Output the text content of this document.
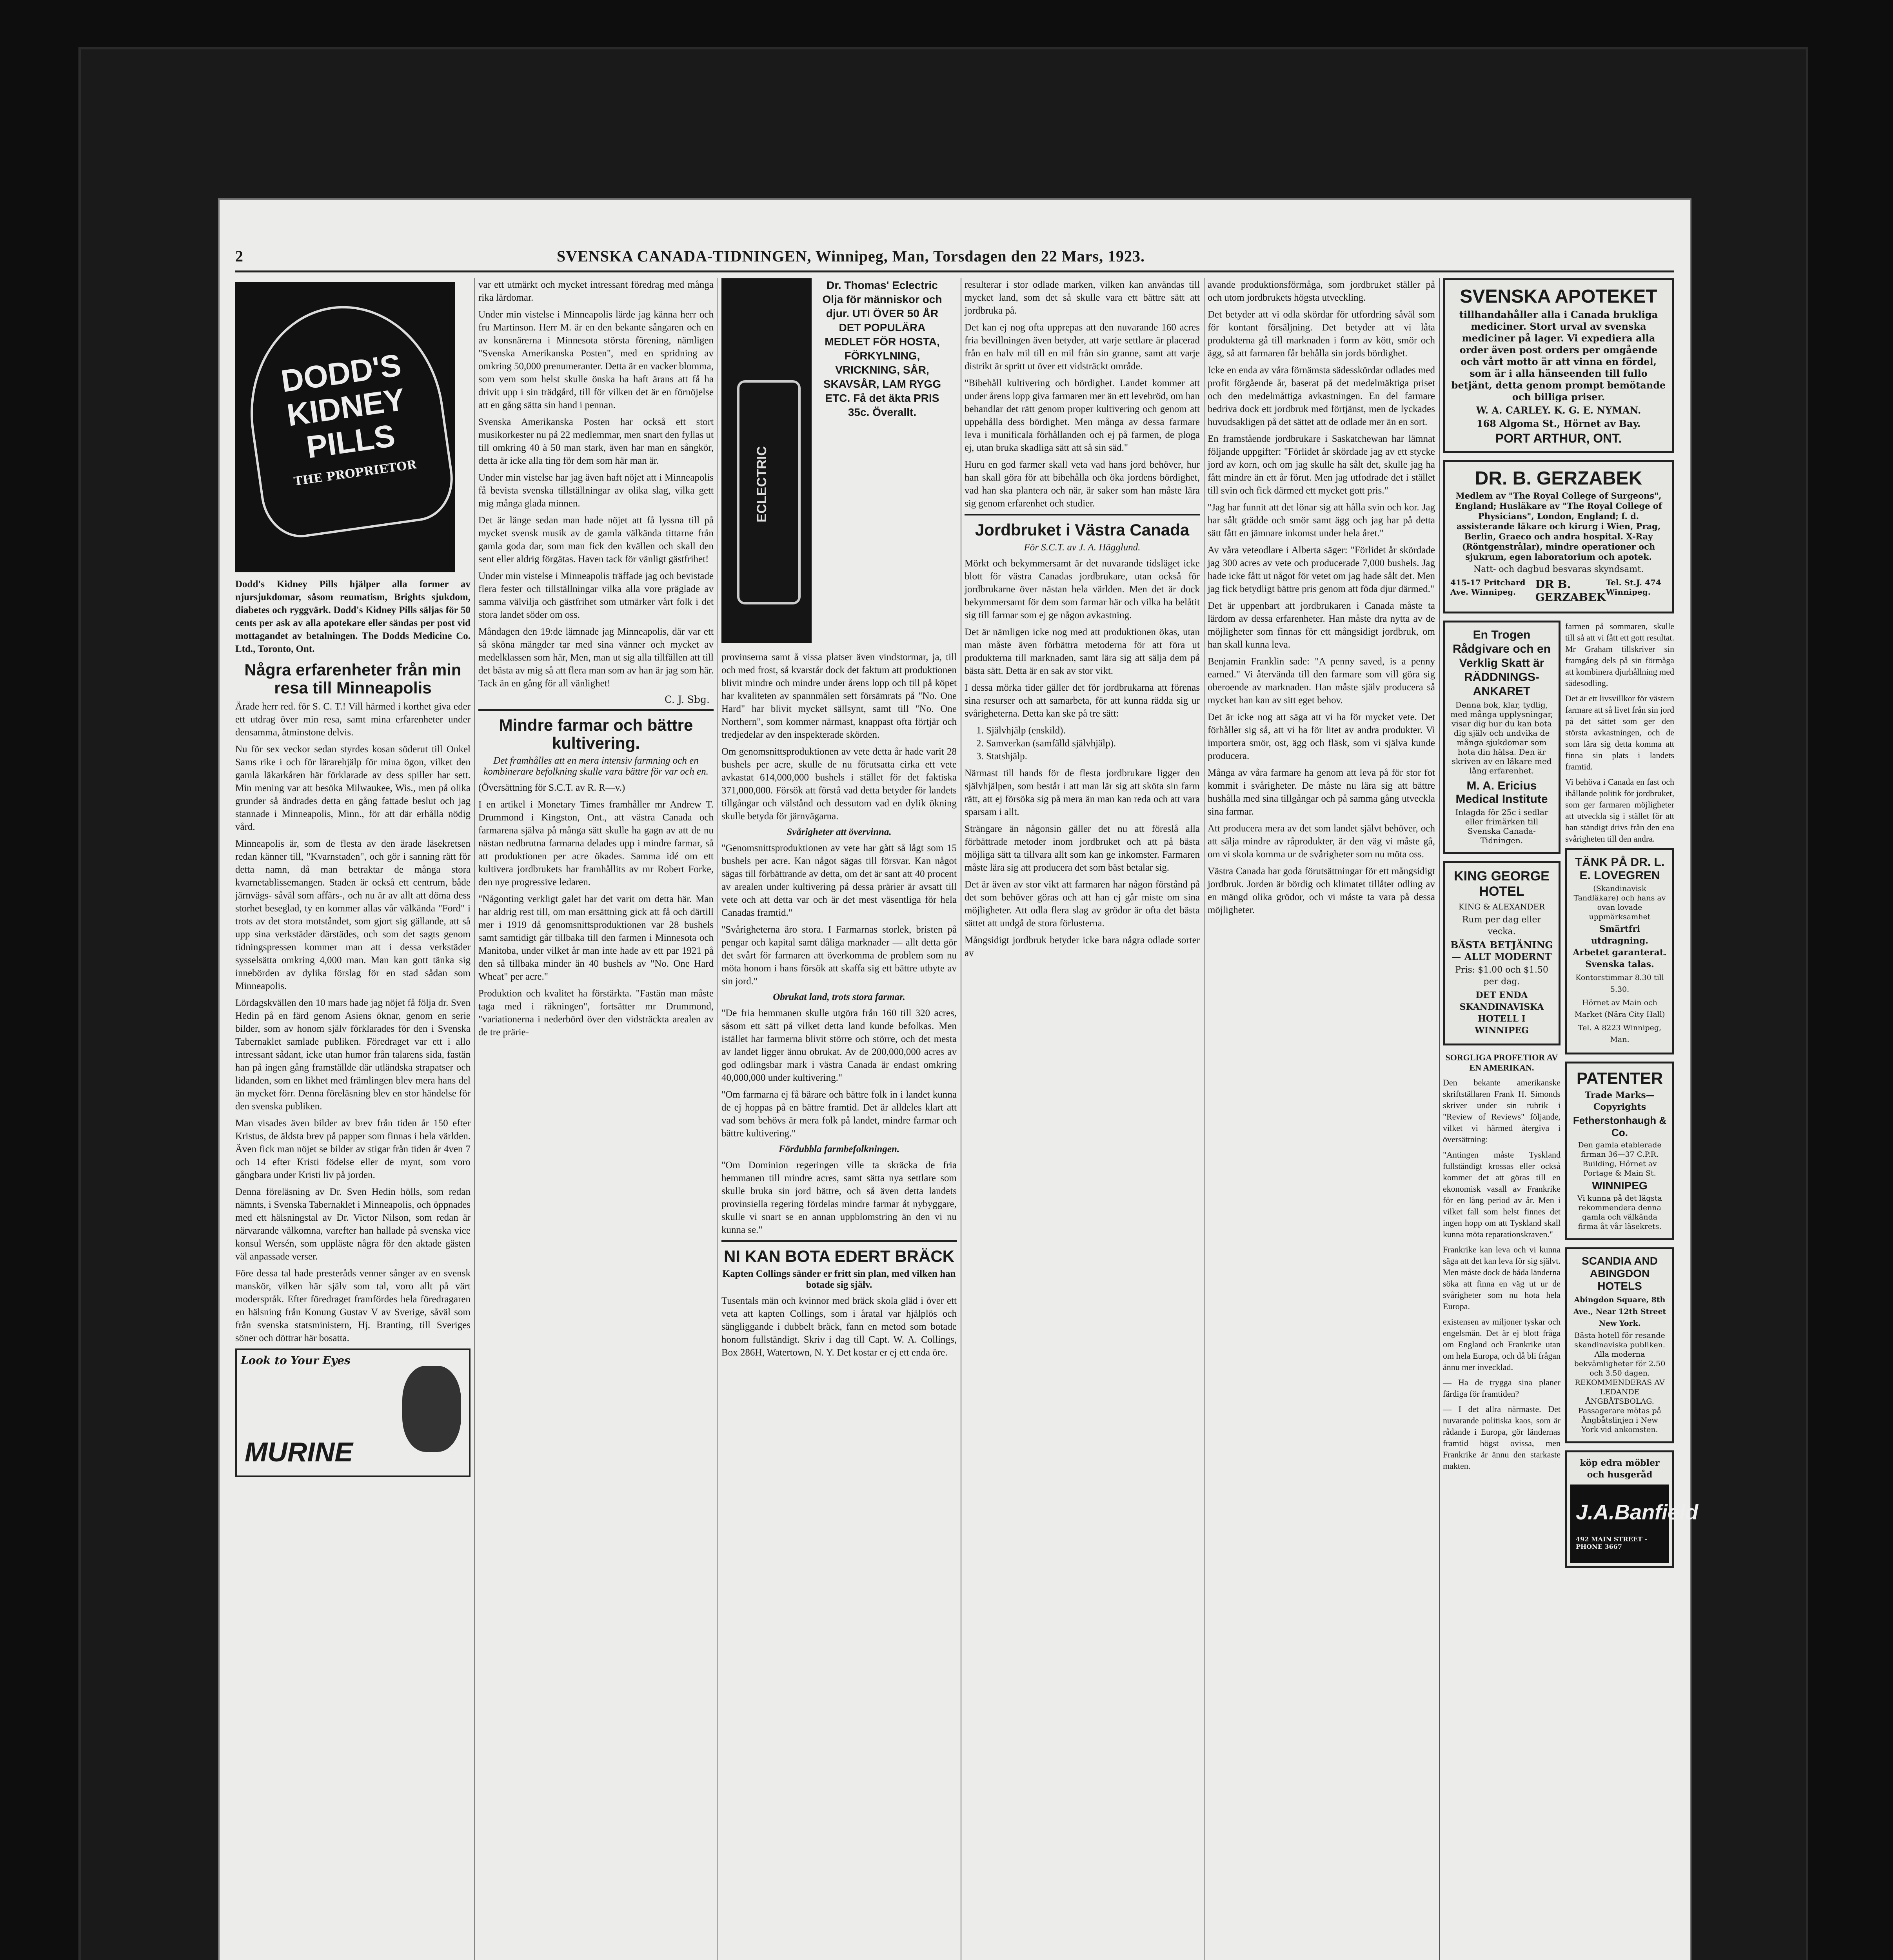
2	SVENSKA CANADA-TIDNINGEN, Winnipeg, Man, Torsdagen den 22 Mars, 1923.
DODD'S KIDNEY PILLS
THE PROPRIETOR

Dodd's Kidney Pills hjälper alla former av njursjukdomar, såsom reumatism, Brights sjukdom, diabetes och ryggvärk. Dodd's Kidney Pills säljas för 50 cents per ask av alla apotekare eller sändas per post vid mottagandet av betalningen. The Dodds Medicine Co. Ltd., Toronto, Ont.

Några erfarenheter från min resa till Minneapolis

Ärade herr red. för S. C. T.! Vill härmed i korthet giva eder ett utdrag över min resa, samt mina erfarenheter under densamma, åtminstone delvis.

Nu för sex veckor sedan styrdes kosan söderut till Onkel Sams rike i och för lärarehjälp för mina ögon, vilket den gamla läkarkåren här förklarade av dess spiller har sett. Min mening var att besöka Milwaukee, Wis., men på olika grunder så ändrades detta en gång fattade beslut och jag stannade i Minneapolis, Minn., för att där erhålla nödig vård.

Minneapolis är, som de flesta av den ärade läsekretsen redan känner till, "Kvarnstaden", och gör i sanning rätt för detta namn, då man betraktar de många stora kvarnetablissemangen. Staden är också ett centrum, både järnvägs- såväl som affärs-, och nu är av allt att döma dess storhet beseglad, ty en kommer allas vår välkända "Ford" i trots av det stora motståndet, som gjort sig gällande, att så upp sina verkstäder därstädes, och som det sagts genom tidningspressen kommer man att i dessa verkstäder sysselsätta omkring 4,000 man. Man kan gott tänka sig innebörden av dylika förslag för en stad sådan som Minneapolis.

Lördagskvällen den 10 mars hade jag nöjet få följa dr. Sven Hedin på en färd genom Asiens öknar, genom en serie bilder, som av honom själv förklarades för den i Svenska Tabernaklet samlade publiken. Föredraget var ett i allo intressant sådant, icke utan humor från talarens sida, fastän han på ingen gång framställde där utländska strapatser och lidanden, som en likhet med främlingen blev mera hans del än mycket förr. Denna föreläsning blev en stor händelse för den svenska publiken.

Man visades även bilder av brev från tiden år 150 efter Kristus, de äldsta brev på papper som finnas i hela världen. Även fick man nöjet se bilder av stigar från tiden år 4ven 7 och 14 efter Kristi födelse eller de mynt, som voro gångbara under Kristi liv på jorden.

Denna föreläsning av Dr. Sven Hedin hölls, som redan nämnts, i Svenska Tabernaklet i Minneapolis, och öppnades med ett hälsningstal av Dr. Victor Nilson, som redan är närvarande välkomna, varefter han hallade på svenska vice konsul Wersén, som uppläste några för den aktade gästen väl anpassade verser.

Före dessa tal hade presteråds venner sånger av en svensk manskör, vilken här själv som tal, voro allt på värt moderspråk. Efter föredraget framfördes hela föredragaren en hälsning från Konung Gustav V av Sverige, såväl som från svenska statsministern, Hj. Branting, till Sveriges söner och döttrar här bosatta.

Look to Your Eyes
MURINE

var ett utmärkt och mycket intressant föredrag med många rika lärdomar.

Under min vistelse i Minneapolis lärde jag känna herr och fru Martinson. Herr M. är en den bekante sångaren och en av konsnärerna i Minnesota största förening, nämligen "Svenska Amerikanska Posten", med en spridning av omkring 50,000 prenumeranter. Detta är en vacker blomma, som vem som helst skulle önska ha haft ärans att få ha drivit upp i sin trädgård, till för vilken det är en förnöjelse att en gång sätta sin hand i pennan.

Svenska Amerikanska Posten har också ett stort musikorkester nu på 22 medlemmar, men snart den fyllas ut till omkring 40 à 50 man stark, även har man en sångkör, detta är icke alla ting för dem som här man är.

Under min vistelse har jag även haft nöjet att i Minneapolis få bevista svenska tillställningar av olika slag, vilka gett mig många glada minnen.

Det är länge sedan man hade nöjet att få lyssna till på mycket svensk musik av de gamla välkända tittarne från gamla goda dar, som man fick den kvällen och skall den sent eller aldrig förgätas. Haven tack för vänligt gästfrihet!

Under min vistelse i Minneapolis träffade jag och bevistade flera fester och tillställningar vilka alla vore präglade av samma välvilja och gästfrihet som utmärker vårt folk i det stora landet söder om oss.

Måndagen den 19:de lämnade jag Minneapolis, där var ett så sköna mängder tar med sina vänner och mycket av medelklassen som här, Men, man ut sig alla tillfällen att till det bästa av mig så att flera man som av han är jag som här. Tack än en gång för all vänlighet!

C. J. Sbg.
Mindre farmar och bättre kultivering.

Det framhålles att en mera intensiv farmning och en kombinerare befolkning skulle vara bättre för var och en.

(Översättning för S.C.T. av R. R—v.)

I en artikel i Monetary Times framhåller mr Andrew T. Drummond i Kingston, Ont., att västra Canada och farmarena själva på många sätt skulle ha gagn av att de nu nästan nedbrutna farmarna delades upp i mindre farmar, så att produktionen per acre ökades. Samma idé om ett kultivera jordbrukets har framhållits av mr Robert Forke, den nye progressive ledaren.

"Någonting verkligt galet har det varit om detta här. Man har aldrig rest till, om man ersättning gick att få och därtill mer i 1919 då genomsnittsproduktionen var 28 bushels samt samtidigt går tillbaka till den farmen i Minnesota och Manitoba, under vilket år man inte hade av ett par 1921 på den så tillbaka minder än 40 bushels av "No. One Hard Wheat" per acre."

Produktion och kvalitet ha förstärkta. "Fastän man måste taga med i räkningen", fortsätter mr Drummond, "variationerna i nederbörd över den vidsträckta arealen av de tre prärie-

ECLECTRIC
Dr. Thomas' Eclectric Olja för människor och djur. UTI ÖVER 50 ÅR DET POPULÄRA MEDLET FÖR HOSTA, FÖRKYLNING, VRICKNING, SÅR, SKAVSÅR, LAM RYGG ETC. Få det äkta PRIS 35c. Överallt.

provinserna samt å vissa platser även vindstormar, ja, till och med frost, så kvarstår dock det faktum att produktionen blivit mindre och mindre under årens lopp och till på köpet har kvaliteten av spannmålen sett försämrats på "No. One Hard" har blivit mycket sällsynt, samt till "No. One Northern", som kommer närmast, knappast ofta förtjär och tredjedelar av den inspekterade skörden.

Om genomsnittsproduktionen av vete detta år hade varit 28 bushels per acre, skulle de nu förutsatta cirka ett vete avkastat 614,000,000 bushels i stället för det faktiska 371,000,000. Försök att förstå vad detta betyder för landets tillgångar och välstånd och dessutom vad en dylik ökning skulle betyda för järnvägarna.

Svårigheter att övervinna.

"Genomsnittsproduktionen av vete har gått så lågt som 15 bushels per acre. Kan något sägas till försvar. Kan något sägas till förbättrande av detta, om det är sant att 40 procent av arealen under kultivering på dessa prärier är avsatt till vete och att detta var och är det mest väsentliga för hela Canadas framtid."

"Svårigheterna äro stora. I Farmarnas storlek, bristen på pengar och kapital samt dåliga marknader — allt detta gör det svårt för farmaren att överkomma de problem som nu möta honom i hans försök att skaffa sig ett bättre utbyte av sin jord."

Obrukat land, trots stora farmar.

"De fria hemmanen skulle utgöra från 160 till 320 acres, såsom ett sätt på vilket detta land kunde befolkas. Men istället har farmerna blivit större och större, och det mesta av landet ligger ännu obrukat. Av de 200,000,000 acres av god odlingsbar mark i västra Canada är endast omkring 40,000,000 under kultivering."

"Om farmarna ej få bärare och bättre folk in i landet kunna de ej hoppas på en bättre framtid. Det är alldeles klart att vad som behövs är mera folk på landet, mindre farmar och bättre kultivering."

Fördubbla farmbefolkningen.

"Om Dominion regeringen ville ta skräcka de fria hemmanen till mindre acres, samt sätta nya settlare som skulle bruka sin jord bättre, och så även detta landets provinsiella regering fördelas mindre farmar åt nybyggare, skulle vi snart se en annan uppblomstring än den vi nu kunna se."

NI KAN BOTA EDERT BRÄCK

Kapten Collings sänder er fritt sin plan, med vilken han botade sig själv.

Tusentals män och kvinnor med bräck skola gläd i över ett veta att kapten Collings, som i åratal var hjälplös och sängliggande i dubbelt bräck, fann en metod som botade honom fullständigt. Skriv i dag till Capt. W. A. Collings, Box 286H, Watertown, N. Y. Det kostar er ej ett enda öre.

resulterar i stor odlade marken, vilken kan användas till mycket land, som det så skulle vara ett bättre sätt att jordbruka på.

Det kan ej nog ofta upprepas att den nuvarande 160 acres fria bevillningen även betyder, att varje settlare är placerad från en halv mil till en mil från sin granne, samt att varje distrikt är spritt ut över ett vidsträckt område.

"Bibehåll kultivering och bördighet. Landet kommer att under årens lopp giva farmaren mer än ett levebröd, om han behandlar det rätt genom proper kultivering och genom att uppehålla dess bördighet. Men många av dessa farmare leva i munificala förhållanden och ej på farmen, de ploga ej, utan bruka skadliga sätt att så sin säd."

Huru en god farmer skall veta vad hans jord behöver, hur han skall göra för att bibehålla och öka jordens bördighet, vad han ska plantera och när, är saker som han måste lära sig genom erfarenhet och studier.

Jordbruket i Västra Canada

För S.C.T. av J. A. Hägglund.

Mörkt och bekymmersamt är det nuvarande tidsläget icke blott för västra Canadas jordbrukare, utan också för jordbrukarne över nästan hela världen. Men det är dock bekymmersamt för dem som farmar här och vilka ha belåtit sig till farmar som ej ge någon avkastning.

Det är nämligen icke nog med att produktionen ökas, utan man måste även förbättra metoderna för att föra ut produkterna till marknaden, samt lära sig att sälja dem på bästa sätt. Detta är en sak av stor vikt.

I dessa mörka tider gäller det för jordbrukarna att förenas sina resurser och att samarbeta, för att kunna rädda sig ur svårigheterna. Detta kan ske på tre sätt:

1. Självhjälp (enskild).

2. Samverkan (samfälld självhjälp).

3. Statshjälp.

Närmast till hands för de flesta jordbrukare ligger den självhjälpen, som består i att man lär sig att sköta sin farm rätt, att ej försöka sig på mera än man kan reda och att vara sparsam i allt.

Strängare än någonsin gäller det nu att föreslå alla förbättrade metoder inom jordbruket och att på bästa möjliga sätt ta tillvara allt som kan ge inkomster. Farmaren måste lära sig att producera det som bäst betalar sig.

Det är även av stor vikt att farmaren har någon förstånd på det som behöver göras och att han ej går miste om sina möjligheter. Att odla flera slag av grödor är ofta det bästa sättet att undgå de stora förlusterna.

Mångsidigt jordbruk betyder icke bara några odlade sorter av

avande produktionsförmåga, som jordbruket ställer på och utom jordbrukets högsta utveckling.

Det betyder att vi odla skördar för utfordring såväl som för kontant försäljning. Det betyder att vi låta produkterna gå till marknaden i form av kött, smör och ägg, så att farmaren får behålla sin jords bördighet.

Icke en enda av våra förnämsta sädesskördar odlades med profit förgående år, baserat på det medelmäktiga priset och den medelmåttiga avkastningen. En del farmare bedriva dock ett jordbruk med förtjänst, men de lyckades huvudsakligen på det sättet att de odlade mer än en sort.

En framstående jordbrukare i Saskatchewan har lämnat följande uppgifter: "Förlidet år skördade jag av ett stycke jord av korn, och om jag skulle ha sålt det, skulle jag ha fått mindre än ett år förut. Men jag utfodrade det i stället till svin och fick därmed ett mycket gott pris."

"Jag har funnit att det lönar sig att hålla svin och kor. Jag har sålt grädde och smör samt ägg och jag har på detta sätt fått en jämnare inkomst under hela året."

Av våra veteodlare i Alberta säger: "Förlidet år skördade jag 300 acres av vete och producerade 7,000 bushels. Jag hade icke fått ut något för vetet om jag hade sålt det. Men jag fick betydligt bättre pris genom att föda djur därmed."

Det är uppenbart att jordbrukaren i Canada måste ta lärdom av dessa erfarenheter. Han måste dra nytta av de möjligheter som finnas för ett mångsidigt jordbruk, om han skall kunna leva.

Benjamin Franklin sade: "A penny saved, is a penny earned." Vi återvända till den farmare som vill göra sig oberoende av marknaden. Han måste själv producera så mycket han kan av sitt eget behov.

Det är icke nog att säga att vi ha för mycket vete. Det förhåller sig så, att vi ha för litet av andra produkter. Vi importera smör, ost, ägg och fläsk, som vi själva kunde producera.

Många av våra farmare ha genom att leva på för stor fot kommit i svårigheter. De måste nu lära sig att bättre hushålla med sina tillgångar och på samma gång utveckla sina farmar.

Att producera mera av det som landet självt behöver, och att sälja mindre av råprodukter, är den väg vi måste gå, om vi skola komma ur de svårigheter som nu möta oss.

Västra Canada har goda förutsättningar för ett mångsidigt jordbruk. Jorden är bördig och klimatet tillåter odling av en mängd olika grödor, och vi måste ta vara på dessa möjligheter.

SVENSKA APOTEKET
tillhandahåller alla i Canada brukliga mediciner. Stort urval av svenska mediciner på lager. Vi expediera alla order även post orders per omgående och vårt motto är att vinna en fördel, som är i alla hänseenden till fullo betjänt, detta genom prompt bemötande och billiga priser.
W. A. CARLEY. K. G. E. NYMAN.
168 Algoma St., Hörnet av Bay.
PORT ARTHUR, ONT.
DR. B. GERZABEK
Medlem av "The Royal College of Surgeons", England; Husläkare av "The Royal College of Physicians", London, England; f. d. assisterande läkare och kirurg i Wien, Prag, Berlin, Graeco och andra hospital. X-Ray (Röntgenstrålar), mindre operationer och sjukrum, egen laboratorium och apotek.
Natt- och dagbud besvaras skyndsamt.
415-17 Pritchard Ave. Winnipeg.
DR B. GERZABEK
Tel. St.J. 474 Winnipeg.
En Trogen Rådgivare och en Verklig Skatt är RÄDDNINGS-ANKARET
Denna bok, klar, tydlig, med många upplysningar, visar dig hur du kan bota dig själv och undvika de många sjukdomar som hota din hälsa. Den är skriven av en läkare med lång erfarenhet.
M. A. Ericius Medical Institute
Inlagda för 25c i sedlar eller frimärken till Svenska Canada-Tidningen.
KING GEORGE HOTEL
KING & ALEXANDER
Rum per dag eller vecka.
BÄSTA BETJÄNING — ALLT MODERNT
Pris: $1.00 och $1.50 per dag.
DET ENDA SKANDINAVISKA HOTELL I WINNIPEG

SORGLIGA PROFETIOR AV EN AMERIKAN.

Den bekante amerikanske skriftställaren Frank H. Simonds skriver under sin rubrik i "Review of Reviews" följande, vilket vi härmed återgiva i översättning:

"Antingen måste Tyskland fullständigt krossas eller också kommer det att göras till en ekonomisk vasall av Frankrike för en lång period av år. Men i vilket fall som helst finnes det ingen hopp om att Tyskland skall kunna möta reparationskraven."

Frankrike kan leva och vi kunna säga att det kan leva för sig självt. Men måste dock de båda länderna söka att finna en väg ut ur de svårigheter som nu hota hela Europa.

existensen av miljoner tyskar och engelsmän. Det är ej blott fråga om England och Frankrike utan om hela Europa, och då bli frågan ännu mer invecklad.

— Ha de trygga sina planer färdiga för framtiden?

— I det allra närmaste. Det nuvarande politiska kaos, som är rådande i Europa, gör ländernas framtid högst ovissa, men Frankrike är ännu den starkaste makten.

farmen på sommaren, skulle till så att vi fått ett gott resultat. Mr Graham tillskriver sin framgång dels på sin förmåga att kombinera djurhållning med sädesodling.

Det är ett livsvillkor för västern farmare att så livet från sin jord på det sättet som ger den största avkastningen, och de som lära sig detta komma att finna sin plats i landets framtid.

Vi behöva i Canada en fast och ihållande politik för jordbruket, som ger farmaren möjligheter att utveckla sig i stället för att han ständigt drivs från den ena svårigheten till den andra.

TÄNK PÅ DR. L. E. LOVEGREN
(Skandinavisk Tandläkare) och hans av ovan lovade uppmärksamhet
Smärtfri utdragning. Arbetet garanterat. Svenska talas.
Kontorstimmar 8.30 till 5.30.
Hörnet av Main och Market (Nära City Hall)
Tel. A 8223 Winnipeg, Man.
PATENTER
Trade Marks—Copyrights
Fetherstonhaugh & Co.
Den gamla etablerade firman 36—37 C.P.R. Building, Hörnet av Portage & Main St.
WINNIPEG
Vi kunna på det lägsta rekommendera denna gamla och välkända firma åt vår läsekrets.
SCANDIA AND ABINGDON HOTELS
Abingdon Square, 8th Ave., Near 12th Street New York.
Bästa hotell för resande skandinaviska publiken. Alla moderna bekvämligheter för 2.50 och 3.50 dagen. REKOMMENDERAS AV LEDANDE ÅNGBÅTSBOLAG. Passagerare mötas på Ångbåtslinjen i New York vid ankomsten.
köp edra möbler och husgeråd
J.A.Banfield
492 MAIN STREET - PHONE 3667
